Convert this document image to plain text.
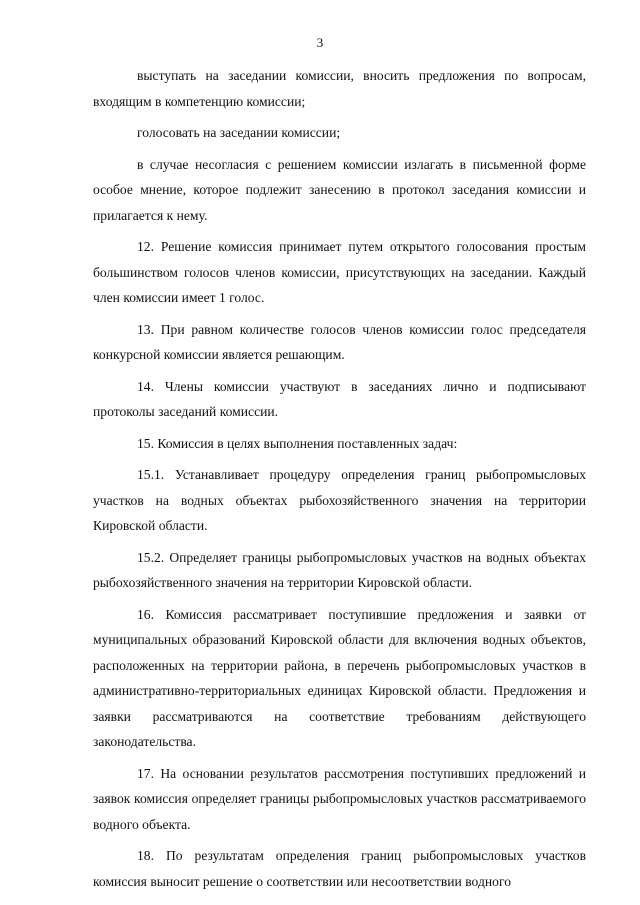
3

выступать на заседании комиссии, вносить предложения по вопросам, входящим в компетенцию комиссии;

голосовать на заседании комиссии;

в случае несогласия с решением комиссии излагать в письменной форме особое мнение, которое подлежит занесению в протокол заседания комиссии и прилагается к нему.

12. Решение комиссия принимает путем открытого голосования простым большинством голосов членов комиссии, присутствующих на заседании. Каждый член комиссии имеет 1 голос.

13. При равном количестве голосов членов комиссии голос председателя конкурсной комиссии является решающим.

14. Члены комиссии участвуют в заседаниях лично и подписывают протоколы заседаний комиссии.

15. Комиссия в целях выполнения поставленных задач:

15.1. Устанавливает процедуру определения границ рыбопромысловых участков на водных объектах рыбохозяйственного значения на территории Кировской области.

15.2. Определяет границы рыбопромысловых участков на водных объектах рыбохозяйственного значения на территории Кировской области.

16. Комиссия рассматривает поступившие предложения и заявки от муниципальных образований Кировской области для включения водных объектов, расположенных на территории района, в перечень рыбопромысловых участков в административно-территориальных единицах Кировской области. Предложения и заявки рассматриваются на соответствие требованиям действующего законодательства.

17. На основании результатов рассмотрения поступивших предложений и заявок комиссия определяет границы рыбопромысловых участков рассматриваемого водного объекта.

18. По результатам определения границ рыбопромысловых участков комиссия выносит решение о соответствии или несоответствии водного
